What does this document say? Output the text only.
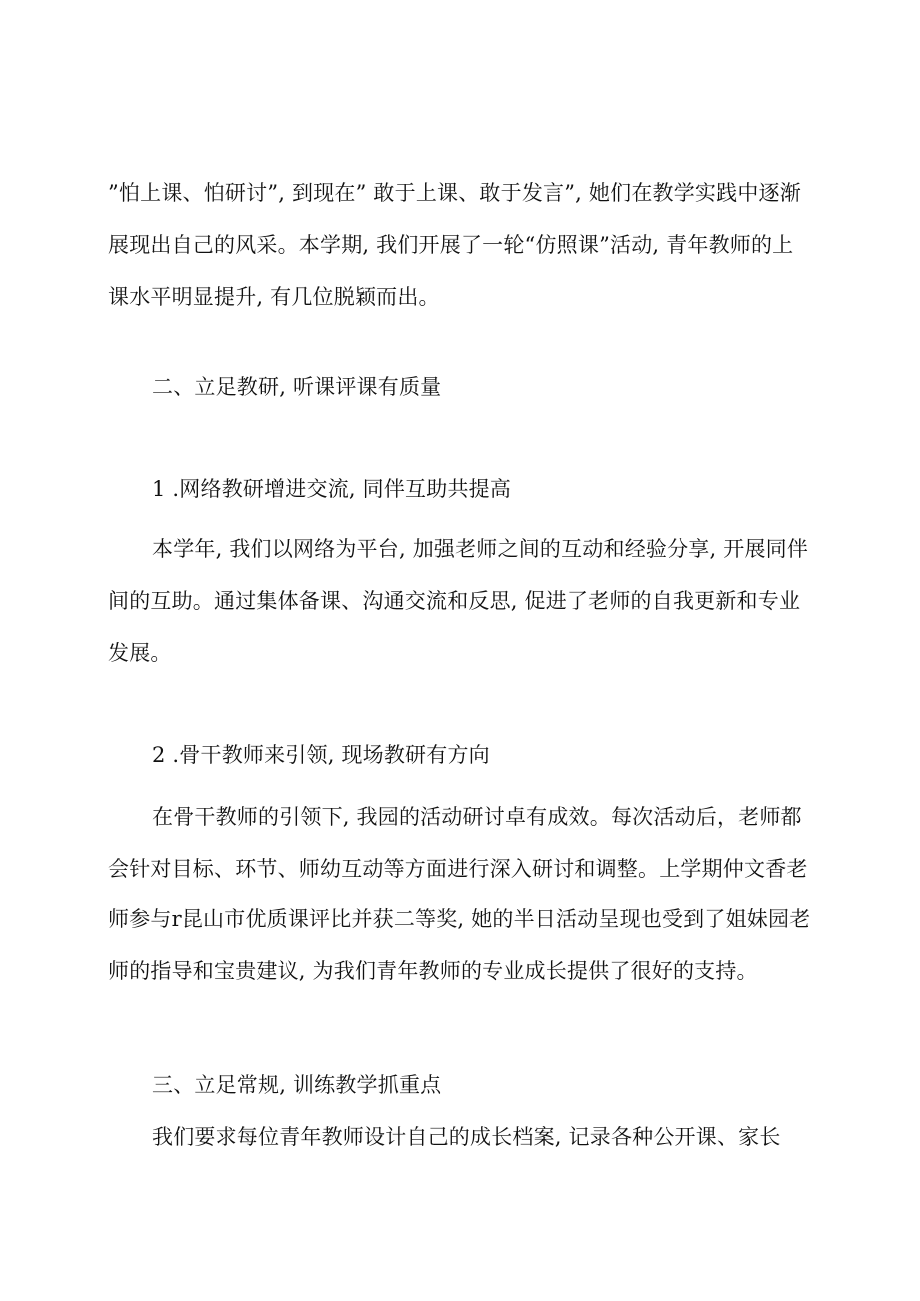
”怕上课、怕研讨”, 到现在” 敢于上课、敢于发言”, 她们在教学实践中逐渐
展现出自己的风采。本学期, 我们开展了一轮“仿照课”活动, 青年教师的上
课水平明显提升, 有几位脱颖而出。
二、立足教研, 听课评课有质量
1 .网络教研增进交流, 同伴互助共提高
本学年, 我们以网络为平台, 加强老师之间的互动和经验分享, 开展同伴
间的互助。通过集体备课、沟通交流和反思, 促进了老师的自我更新和专业
发展。
2 .骨干教师来引领, 现场教研有方向
在骨干教师的引领下, 我园的活动研讨卓有成效。每次活动后，老师都
会针对目标、环节、师幼互动等方面进行深入研讨和调整。上学期仲文香老
师参与r昆山市优质课评比并获二等奖, 她的半日活动呈现也受到了姐妹园老
师的指导和宝贵建议, 为我们青年教师的专业成长提供了很好的支持。
三、立足常规, 训练教学抓重点
我们要求每位青年教师设计自己的成长档案, 记录各种公开课、家长
